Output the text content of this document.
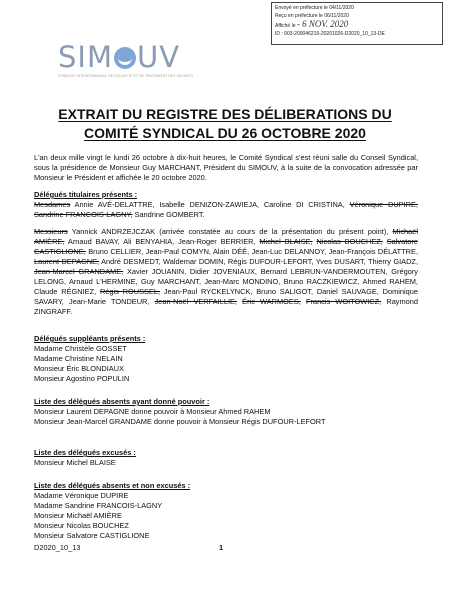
Envoyé en préfecture le 04/11/2020
Reçu en préfecture le 06/11/2020
Affiché le - 6 NOV. 2020
ID : 003-200046219-20201026-D2020_10_13-DE
SIM UV
SYNDICAT INTERCOMMUNAL DE COLLECTE ET DE TRAITEMENT DES DÉCHETS
EXTRAIT DU REGISTRE DES DÉLIBERATIONS DU
COMITÉ SYNDICAL DU 26 OCTOBRE 2020

L'an deux mille vingt le lundi 26 octobre à dix-huit heures, le Comité Syndical s'est réuni salle du Conseil Syndical, sous la présidence de Monsieur Guy MARCHANT, Président du SIMOUV, à la suite de la convocation adressée par Monsieur le Président et affichée le 20 octobre 2020.

Délégués titulaires présents :

Mesdames Annie AVÉ-DELATTRE, Isabelle DENIZON-ZAWIEJA, Caroline DI CRISTINA, Véronique DUPIRE, Sandrine FRANCOIS-LAGNY, Sandrine GOMBERT.

Messieurs Yannick ANDRZEJCZAK (arrivée constatée au cours de la présentation du présent point), Michaël AMIÈRE, Arnaud BAVAY, Ali BENYAHIA, Jean-Roger BERRIER, Michel BLAISE, Nicolas BOUCHEZ, Salvatore CASTIGLIONE, Bruno CELLIER, Jean-Paul COMYN, Alain DÉÉ, Jean-Luc DELANNOY, Jean-François DÉLATTRE, Laurent DEPAGNE, André DESMEDT, Waldemar DOMIN, Régis DUFOUR-LEFORT, Yves DUSART, Thierry GIADZ, Jean-Marcel GRANDAME, Xavier JOUANIN, Didier JOVENIAUX, Bernard LEBRUN-VANDERMOUTEN, Grégory LELONG, Arnaud L'HERMINE, Guy MARCHANT, Jean-Marc MONDINO, Bruno RACZKIEWICZ, Ahmed RAHEM, Claude RÉGNIEZ, Régis ROUSSEL, Jean-Paul RYCKELYNCK, Bruno SALIGOT, Daniel SAUVAGE, Dominique SAVARY, Jean-Marie TONDEUR, Jean-Noël VERFAILLIE, Éric WARMOES, Francis WOITOWICZ, Raymond ZINGRAFF.

Délégués suppléants présents :
Madame Christèle GOSSET
Madame Christine NELAIN
Monsieur Éric BLONDIAUX
Monsieur Agostino POPULIN
Liste des délégués absents ayant donné pouvoir :
Monsieur Laurent DEPAGNE donne pouvoir à Monsieur Ahmed RAHEM
Monsieur Jean-Marcel GRANDAME donne pouvoir à Monsieur Régis DUFOUR-LEFORT
Liste des délégués excusés :
Monsieur Michel BLAISE
Liste des délégués absents et non excusés :
Madame Véronique DUPIRE
Madame Sandrine FRANCOIS-LAGNY
Monsieur Michaël AMIÈRE
Monsieur Nicolas BOUCHEZ
Monsieur Salvatore CASTIGLIONE
D2020_10_13	1
